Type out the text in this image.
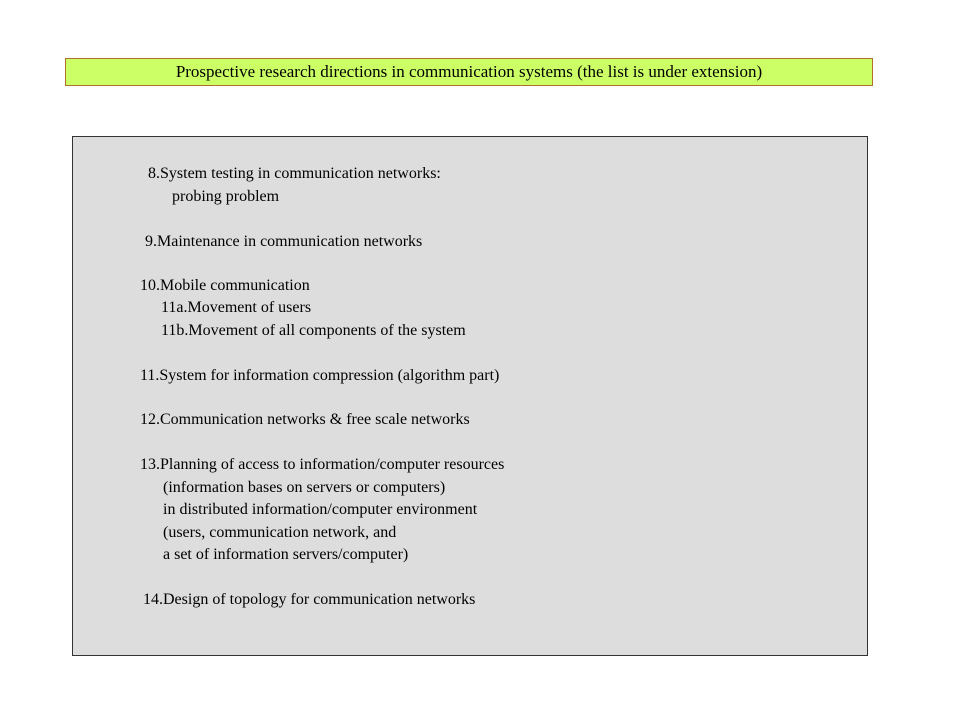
Prospective research directions in communication systems (the list is under extension)
8.System testing in communication networks:
probing problem
9.Maintenance in communication networks
10.Mobile communication
11a.Movement of users
11b.Movement of all components of the system
11.System for information compression (algorithm part)
12.Communication networks & free scale networks
13.Planning of access to information/computer resources
(information bases on servers or computers)
in distributed information/computer environment
(users, communication network, and
a set of information servers/computer)
14.Design of topology for communication networks
